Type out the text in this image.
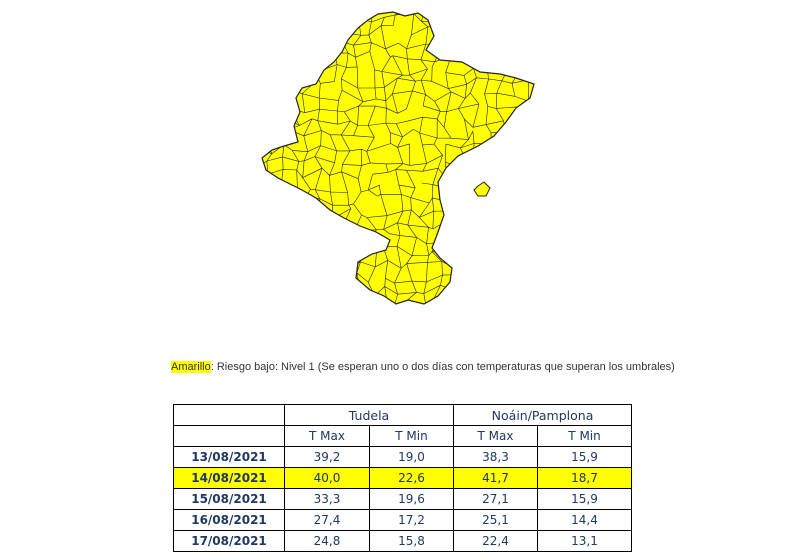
Amarillo: Riesgo bajo: Nivel 1 (Se esperan uno o dos días con temperaturas que superan los umbrales)
	Tudela		Noáin/Pamplona	
	T Max	T Min	T Max	T Min
13/08/2021	39,2	19,0	38,3	15,9
14/08/2021	40,0	22,6	41,7	18,7
15/08/2021	33,3	19,6	27,1	15,9
16/08/2021	27,4	17,2	25,1	14,4
17/08/2021	24,8	15,8	22,4	13,1
